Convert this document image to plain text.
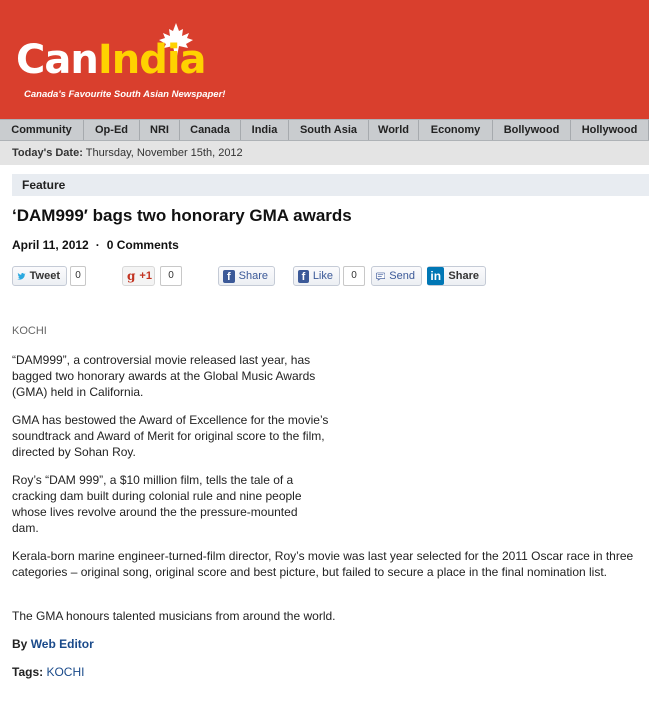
CanIndia
Canada's Favourite South Asian Newspaper!
Community	Op-Ed	NRI	Canada	India	South Asia	World	Economy	Bollywood	Hollywood
Today's Date: Thursday, November 15th, 2012
Feature
‘DAM999′ bags two honorary GMA awards
April 11, 2012 · 0 Comments
Tweet	0	g +1	0	f Share	f Like	0	Send in Share
KOCHI
“DAM999”, a controversial movie released last year, has bagged two honorary awards at the Global Music Awards (GMA) held in California.
GMA has bestowed the Award of Excellence for the movie’s soundtrack and Award of Merit for original score to the film, directed by Sohan Roy.
Roy’s “DAM 999”, a $10 million film, tells the tale of a cracking dam built during colonial rule and nine people whose lives revolve around the the pressure-mounted dam.
Kerala-born marine engineer-turned-film director, Roy’s movie was last year selected for the 2011 Oscar race in three categories – original song, original score and best picture, but failed to secure a place in the final nomination list.
The GMA honours talented musicians from around the world.
By Web Editor
Tags: KOCHI
